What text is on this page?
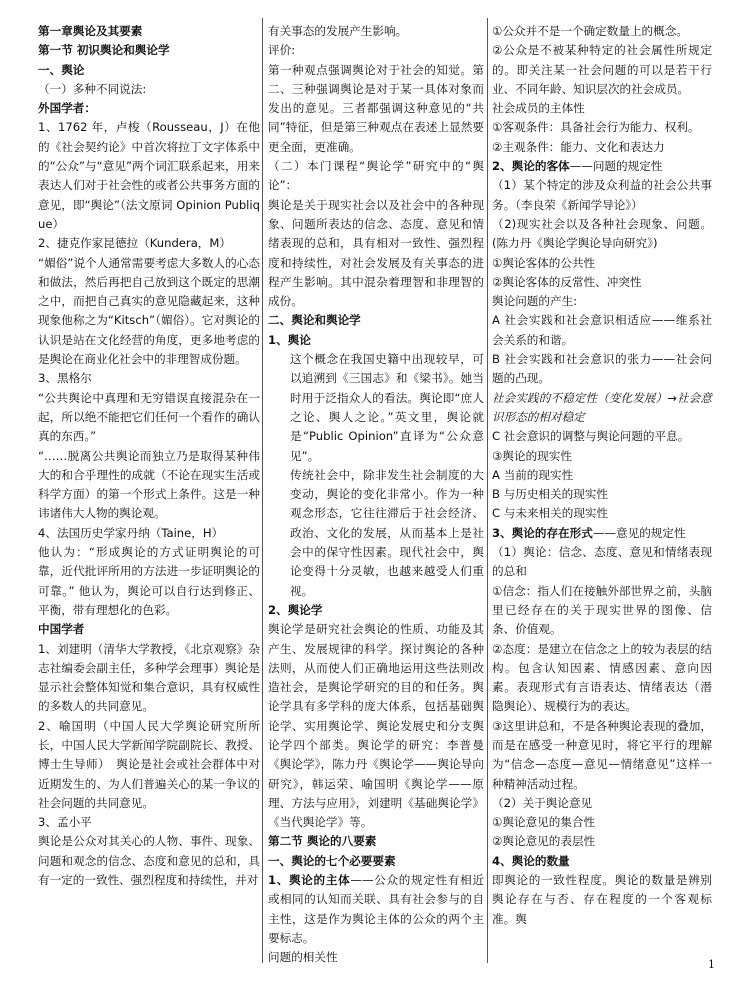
第一章舆论及其要素

第一节 初识舆论和舆论学

一、舆论

（一）多种不同说法:

外国学者：

1、1762 年，卢梭（Rousseau，J）在他的《社会契约论》中首次将拉丁文字体系中的“公众”与“意见”两个词汇联系起来，用来表达人们对于社会性的或者公共事务方面的意见，即“舆论”（法文原词 Opinion Publique）

2、捷克作家昆德拉（Kundera，M）

“媚俗”说个人通常需要考虑大多数人的心态和做法，然后再把自己放到这个既定的思潮之中，而把自己真实的意见隐藏起来，这种现象他称之为“Kitsch”（媚俗）。它对舆论的认识是站在文化经营的角度，更多地考虑的是舆论在商业化社会中的非理智成份题。

3、黑格尔

“公共舆论中真理和无穷错误直接混杂在一起，所以绝不能把它们任何一个看作的确认真的东西。”

“……脱离公共舆论而独立乃是取得某种伟大的和合乎理性的成就（不论在现实生活或科学方面）的第一个形式上条件。这是一种讳诸伟大人物的舆论观。

4、法国历史学家丹纳（Taine，H）

他认为：“形成舆论的方式证明舆论的可靠，近代批评所用的方法进一步证明舆论的可靠。” 他认为，舆论可以自行达到修正、平衡，带有理想化的色彩。

中国学者

1、刘建明（清华大学教授，《北京观察》杂志社编委会副主任，多种学会理事）舆论是显示社会整体知觉和集合意识，具有权威性的多数人的共同意见。

2、喻国明（中国人民大学舆论研究所所长，中国人民大学新闻学院副院长、教授、博士生导师）　舆论是社会或社会群体中对近期发生的、为人们普遍关心的某一争议的社会问题的共同意见。

3、孟小平

舆论是公众对其关心的人物、事件、现象、问题和观念的信念、态度和意见的总和，具有一定的一致性、强烈程度和持续性，并对

有关事态的发展产生影响。

评价:

第一种观点强调舆论对于社会的知觉。第二、三种强调舆论是对于某一具体对象而发出的意见。三者都强调这种意见的“共同”特征，但是第三种观点在表述上显然要更全面，更准确。

（二）本门课程“舆论学”研究中的“舆论”：

舆论是关于现实社会以及社会中的各种现象、问题所表达的信念、态度、意见和情绪表现的总和，具有相对一致性、强烈程度和持续性，对社会发展及有关事态的进程产生影响。其中混杂着理智和非理智的成份。

二、舆论和舆论学

1、舆论

这个概念在我国史籍中出现较早，可以追溯到《三国志》和《梁书》。她当时用于泛指众人的看法。舆论即“庶人之论、舆人之论。”英文里，舆论就是“Public Opinion”直译为“公众意见”。

传统社会中，除非发生社会制度的大变动，舆论的变化非常小。作为一种观念形态，它往往滞后于社会经济、政治、文化的发展，从而基本上是社会中的保守性因素。现代社会中，舆论变得十分灵敏，也越来越受人们重视。

2、舆论学

舆论学是研究社会舆论的性质、功能及其产生、发展规律的科学。探讨舆论的各种法则，从而使人们正确地运用这些法则改造社会，是舆论学研究的目的和任务。舆论学具有多学科的庞大体系，包括基础舆论学、实用舆论学、舆论发展史和分支舆论学四个部类。舆论学的研究：李普曼《舆论学》，陈力丹《舆论学——舆论导向研究》，韩运荣、喻国明《舆论学——原理、方法与应用》，刘建明《基础舆论学》《当代舆论学》等。

第二节 舆论的八要素

一、舆论的七个必要要素

1、舆论的主体——公众的规定性有相近或相同的认知而关联、具有社会参与的自主性，这是作为舆论主体的公众的两个主要标志。

问题的相关性

①公众并不是一个确定数量上的概念。

②公众是不被某种特定的社会属性所规定的。即关注某一社会问题的可以是若干行业、不同年龄、知识层次的社会成员。

社会成员的主体性

①客观条件：具备社会行为能力、权利。

②主观条件：能力、文化和表达力

2、舆论的客体——问题的规定性

（1）某个特定的涉及众利益的社会公共事务。（李良荣《新闻学导论》）

（2)现实社会以及各种社会现象、问题。(陈力丹《舆论学舆论导向研究》)

①舆论客体的公共性

②舆论客体的反常性、冲突性

舆论问题的产生:

A 社会实践和社会意识相适应——维系社会关系的和谐。

B 社会实践和社会意识的张力——社会问题的凸现。

社会实践的不稳定性（变化发展）→社会意识形态的相对稳定

C 社会意识的调整与舆论问题的平息。

③舆论的现实性

A 当前的现实性

B 与历史相关的现实性

C 与未来相关的现实性

3、舆论的存在形式——意见的规定性

（1）舆论：信念、态度、意见和情绪表现的总和

①信念：指人们在接触外部世界之前，头脑里已经存在的关于现实世界的图像、信条、价值观。

②态度：是建立在信念之上的较为表层的结构。包含认知因素、情感因素、意向因素。表现形式有言语表达、情绪表达（潜隐舆论）、规模行为的表达。

③这里讲总和，不是各种舆论表现的叠加，而是在感受一种意见时，将它平行的理解为“信念—态度—意见—情绪意见”这样一种精神活动过程。

（2）关于舆论意见

①舆论意见的集合性

②舆论意见的表层性

4、舆论的数量

即舆论的一致性程度。舆论的数量是辨别舆论存在与否、存在程度的一个客观标准。舆

1
